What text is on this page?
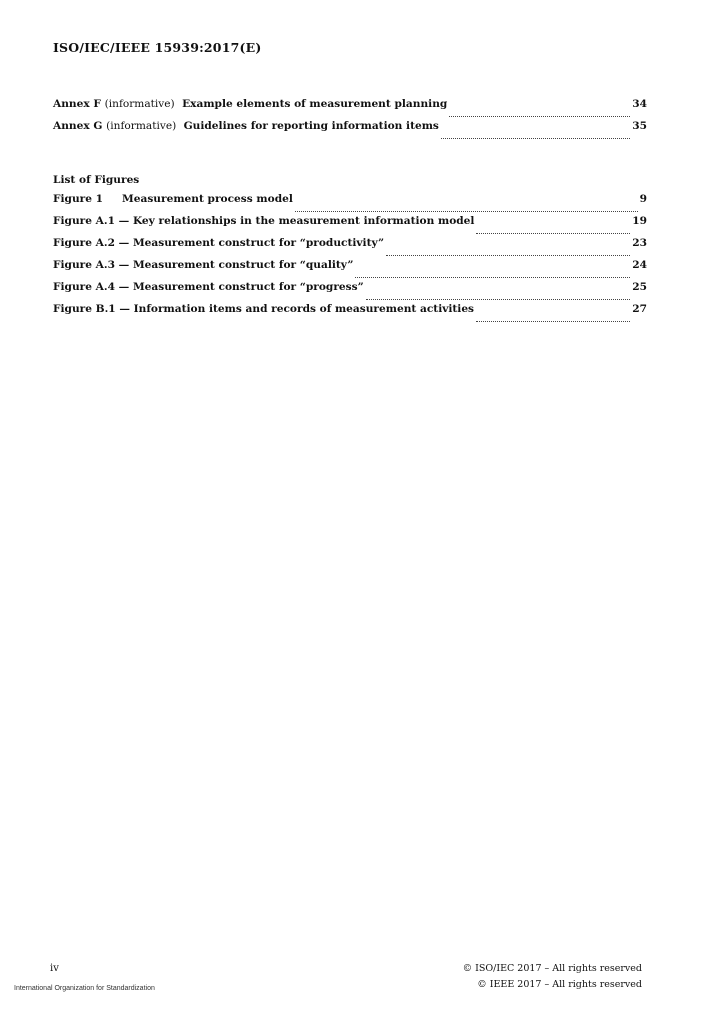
ISO/IEC/IEEE 15939:2017(E)
Annex F (informative) Example elements of measurement planning	34
Annex G (informative) Guidelines for reporting information items	35
List of Figures
Figure 1 Measurement process model	9
Figure A.1 — Key relationships in the measurement information model	19
Figure A.2 — Measurement construct for “productivity”	23
Figure A.3 — Measurement construct for “quality”	24
Figure A.4 — Measurement construct for “progress”	25
Figure B.1 — Information items and records of measurement activities	27
iv	© ISO/IEC 2017 – All rights reserved
© IEEE 2017 – All rights reserved
International Organization for Standardization
